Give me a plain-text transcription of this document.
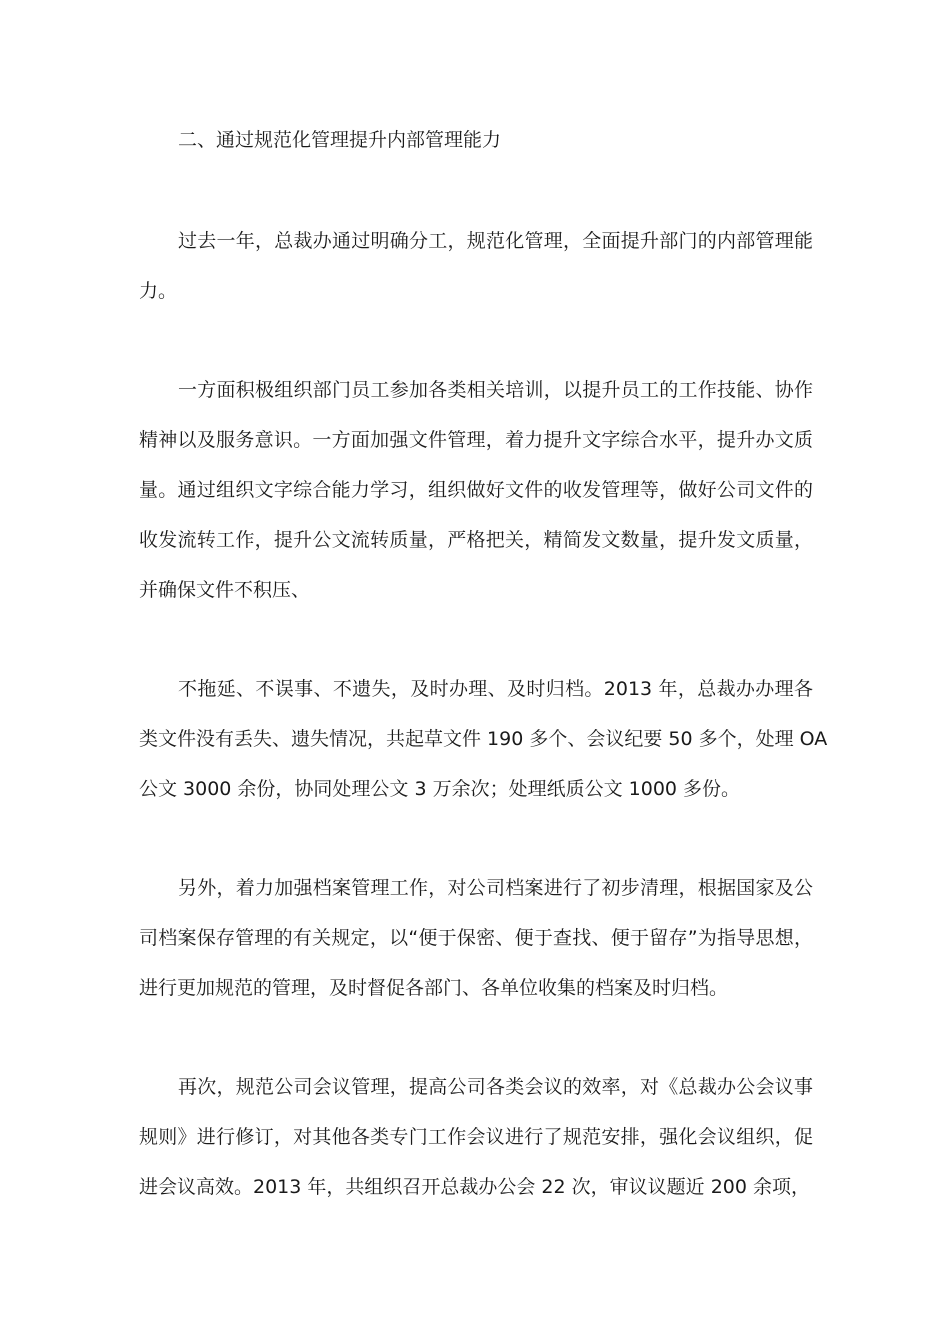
二、通过规范化管理提升内部管理能力
过去一年，总裁办通过明确分工，规范化管理，全面提升部门的内部管理能
力。
一方面积极组织部门员工参加各类相关培训，以提升员工的工作技能、协作
精神以及服务意识。一方面加强文件管理，着力提升文字综合水平，提升办文质
量。通过组织文字综合能力学习，组织做好文件的收发管理等，做好公司文件的
收发流转工作，提升公文流转质量，严格把关，精简发文数量，提升发文质量，
并确保文件不积压、
不拖延、不误事、不遗失，及时办理、及时归档。2013 年，总裁办办理各
类文件没有丢失、遗失情况，共起草文件 190 多个、会议纪要 50 多个，处理 OA
公文 3000 余份，协同处理公文 3 万余次；处理纸质公文 1000 多份。
另外，着力加强档案管理工作，对公司档案进行了初步清理，根据国家及公
司档案保存管理的有关规定，以“便于保密、便于查找、便于留存”为指导思想，
进行更加规范的管理，及时督促各部门、各单位收集的档案及时归档。
再次，规范公司会议管理，提高公司各类会议的效率，对《总裁办公会议事
规则》进行修订，对其他各类专门工作会议进行了规范安排，强化会议组织，促
进会议高效。2013 年，共组织召开总裁办公会 22 次，审议议题近 200 余项，
